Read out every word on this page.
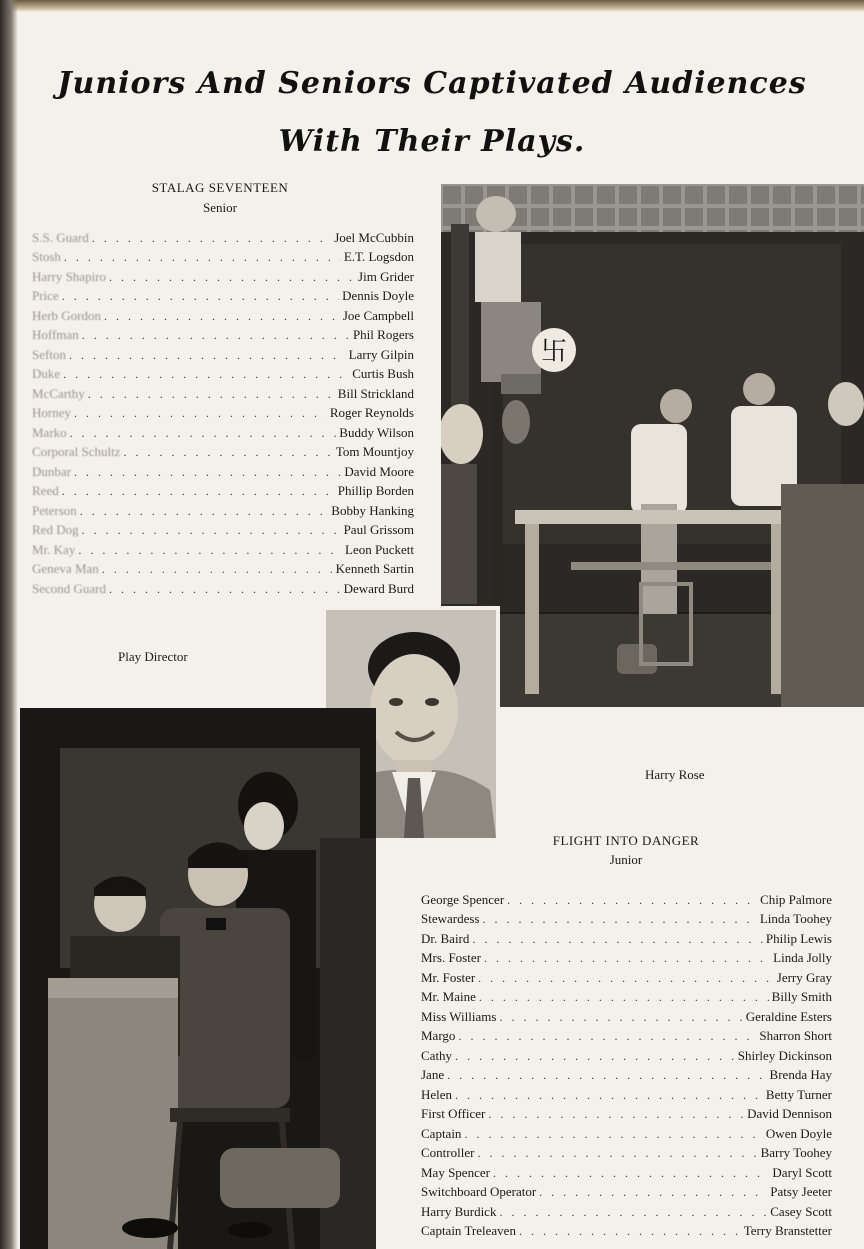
Juniors And Seniors Captivated Audiences
With Their Plays.
STALAG SEVENTEEN
Senior
S.S. Guard . . .	Joel McCubbin
Stosh . . .	E.T. Logsdon
Harry Shapiro . . .	Jim Grider
Price . . .	Dennis Doyle
Herb Gordon . . .	Joe Campbell
Hoffman . . .	Phil Rogers
Sefton . . .	Larry Gilpin
Duke . . .	Curtis Bush
McCarthy . . .	Bill Strickland
Horney . . .	Roger Reynolds
Marko . . .	Buddy Wilson
Corporal Schultz . . .	Tom Mountjoy
Dunbar . . .	David Moore
Reed . . .	Phillip Borden
Peterson . . .	Bobby Hanking
Red Dog . . .	Paul Grissom
Mr. Kay . . .	Leon Puckett
Geneva Man . . .	Kenneth Sartin
Second Guard . . .	Deward Burd
卐
Play Director
Harry Rose
FLIGHT INTO DANGER
Junior
George Spencer . . .	Chip Palmore
Stewardess . . .	Linda Toohey
Dr. Baird . . .	Philip Lewis
Mrs. Foster . . .	Linda Jolly
Mr. Foster . . .	Jerry Gray
Mr. Maine . . .	Billy Smith
Miss Williams . . .	Geraldine Esters
Margo . . .	Sharron Short
Cathy . . .	Shirley Dickinson
Jane . . .	Brenda Hay
Helen . . .	Betty Turner
First Officer . . .	David Dennison
Captain . . .	Owen Doyle
Controller . . .	Barry Toohey
May Spencer . . .	Daryl Scott
Switchboard Operator . . .	Patsy Jeeter
Harry Burdick . . .	Casey Scott
Captain Treleaven . . .	Terry Branstetter
